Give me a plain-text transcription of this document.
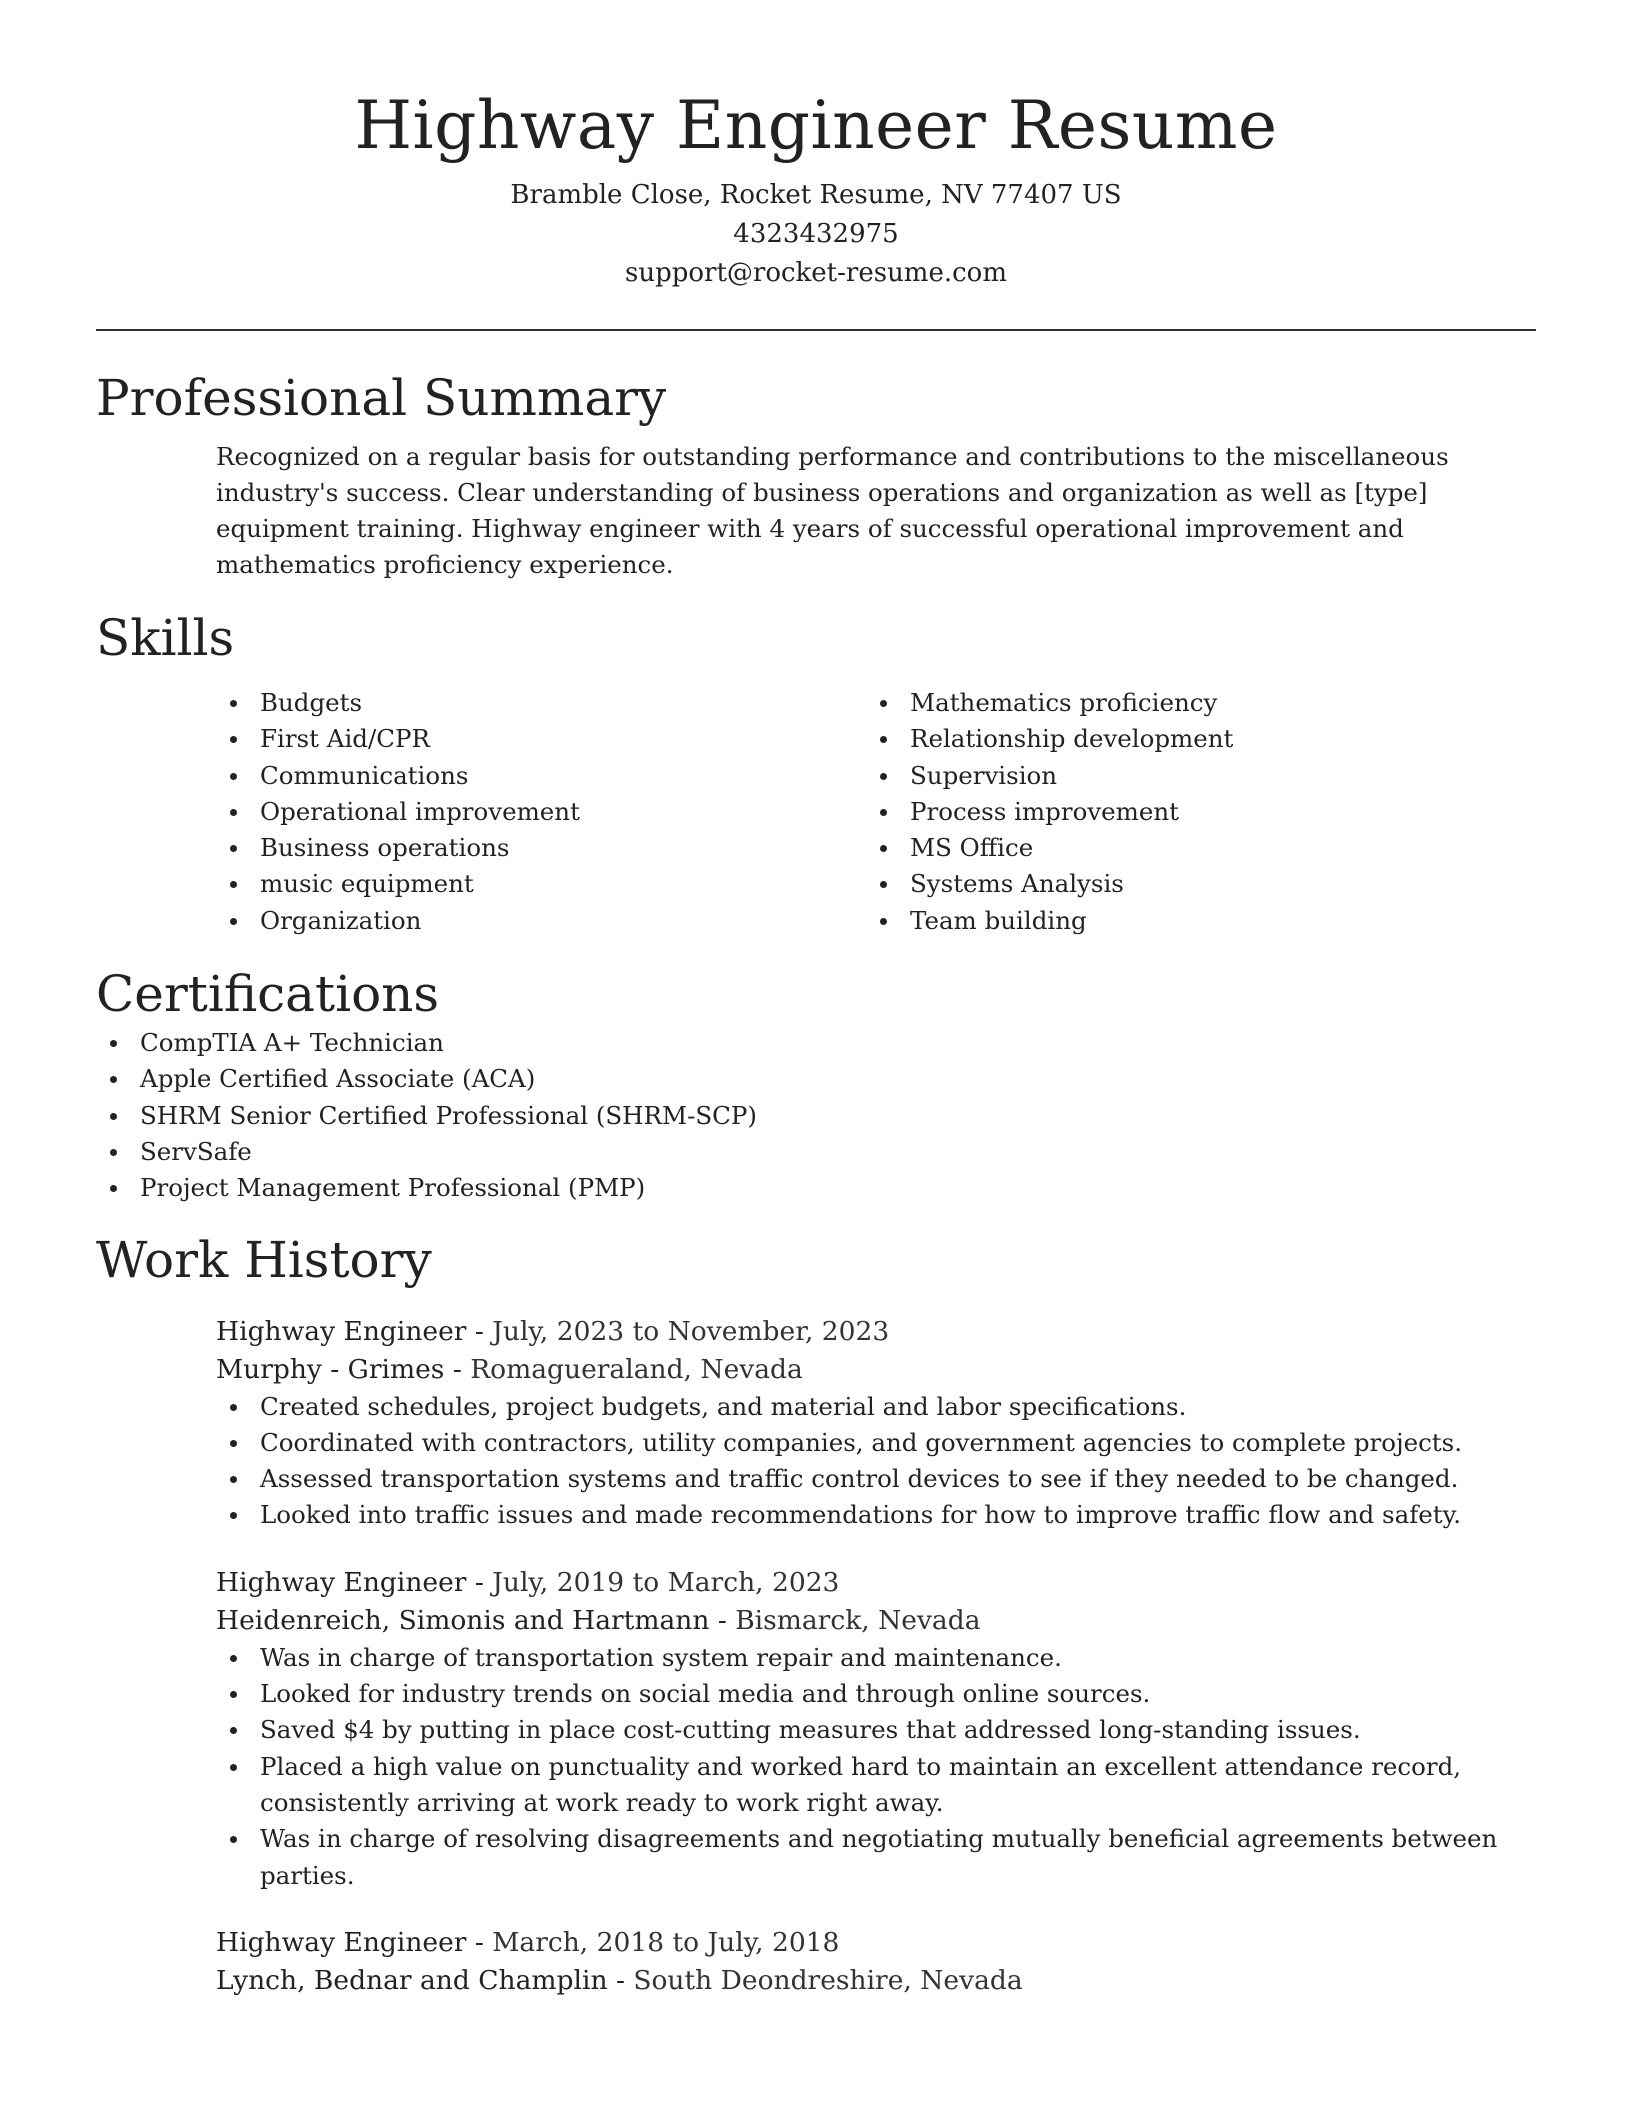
Highway Engineer Resume
Bramble Close, Rocket Resume, NV 77407 US
4323432975
support@rocket-resume.com
Professional Summary

Recognized on a regular basis for outstanding performance and contributions to the miscellaneous industry's success. Clear understanding of business operations and organization as well as [type] equipment training. Highway engineer with 4 years of successful operational improvement and mathematics proficiency experience.

Skills
Budgets
First Aid/CPR
Communications
Operational improvement
Business operations
music equipment
Organization
Mathematics proficiency
Relationship development
Supervision
Process improvement
MS Office
Systems Analysis
Team building
Certifications
CompTIA A+ Technician
Apple Certified Associate (ACA)
SHRM Senior Certified Professional (SHRM-SCP)
ServSafe
Project Management Professional (PMP)
Work History
Highway Engineer - July, 2023 to November, 2023
Murphy - Grimes - Romagueraland, Nevada
Created schedules, project budgets, and material and labor specifications.
Coordinated with contractors, utility companies, and government agencies to complete projects.
Assessed transportation systems and traffic control devices to see if they needed to be changed.
Looked into traffic issues and made recommendations for how to improve traffic flow and safety.
Highway Engineer - July, 2019 to March, 2023
Heidenreich, Simonis and Hartmann - Bismarck, Nevada
Was in charge of transportation system repair and maintenance.
Looked for industry trends on social media and through online sources.
Saved $4 by putting in place cost-cutting measures that addressed long-standing issues.
Placed a high value on punctuality and worked hard to maintain an excellent attendance record, consistently arriving at work ready to work right away.
Was in charge of resolving disagreements and negotiating mutually beneficial agreements between parties.
Highway Engineer - March, 2018 to July, 2018
Lynch, Bednar and Champlin - South Deondreshire, Nevada
